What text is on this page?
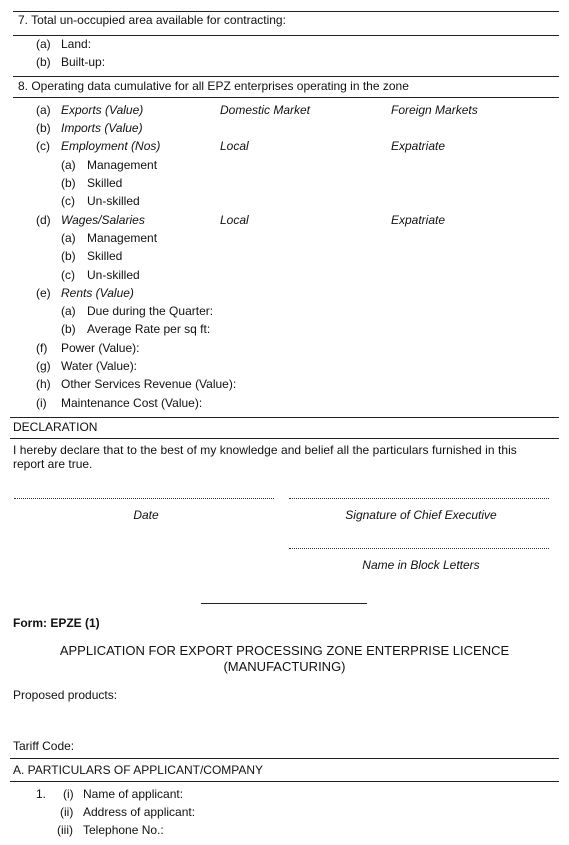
7. Total un-occupied area available for contracting:
(a) Land:
(b) Built-up:
8. Operating data cumulative for all EPZ enterprises operating in the zone
(a) Exports (Value)	Domestic Market	Foreign Markets
(b) Imports (Value)
(c) Employment (Nos)	Local	Expatriate
(a) Management
(b) Skilled
(c) Un-skilled
(d) Wages/Salaries	Local	Expatriate
(a) Management
(b) Skilled
(c) Un-skilled
(e) Rents (Value)
(a) Due during the Quarter:
(b) Average Rate per sq ft:
(f) Power (Value):
(g) Water (Value):
(h) Other Services Revenue (Value):
(i) Maintenance Cost (Value):
DECLARATION
I hereby declare that to the best of my knowledge and belief all the particulars furnished in this
report are true.
Date	Signature of Chief Executive
Name in Block Letters
Form: EPZE (1)
APPLICATION FOR EXPORT PROCESSING ZONE ENTERPRISE LICENCE
(MANUFACTURING)
Proposed products:
Tariff Code:
A. PARTICULARS OF APPLICANT/COMPANY
1. (i) Name of applicant:
(ii) Address of applicant:
(iii) Telephone No.:
